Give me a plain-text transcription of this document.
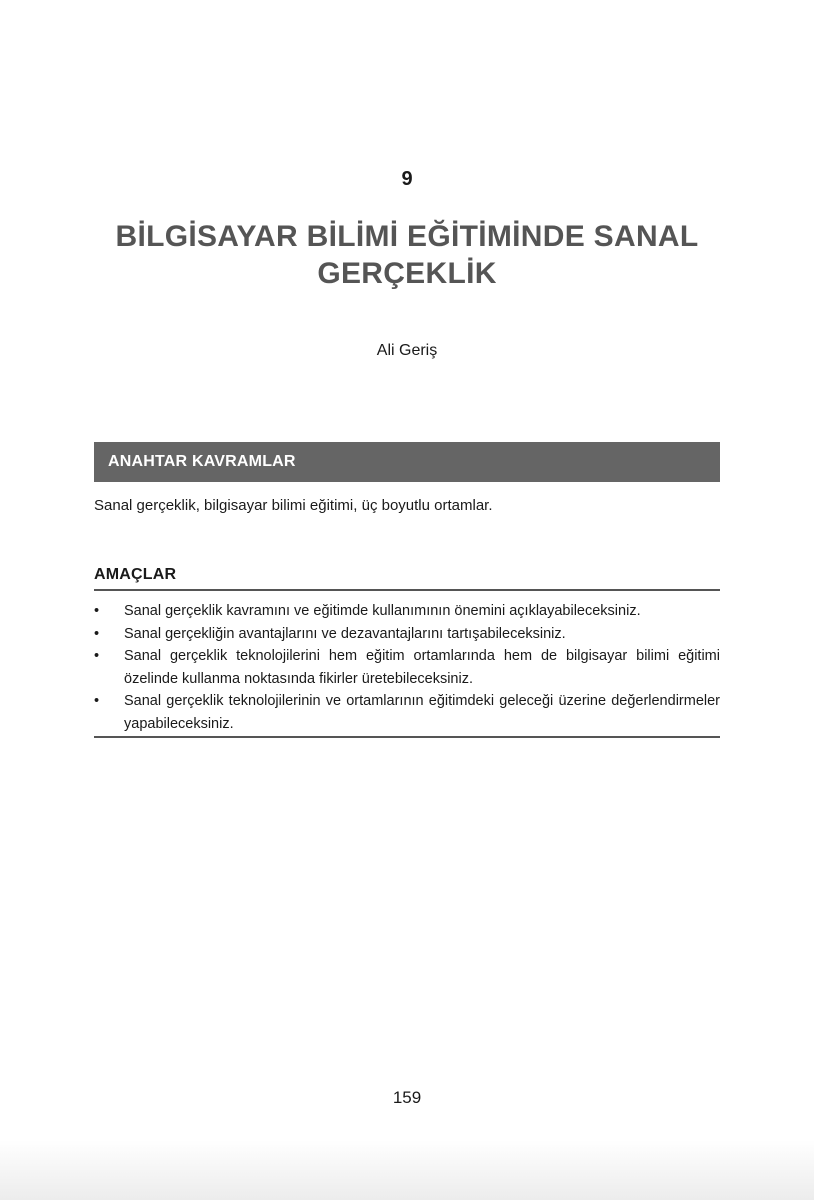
9
BİLGİSAYAR BİLİMİ EĞİTİMİNDE SANAL GERÇEKLİK
Ali Geriş
ANAHTAR KAVRAMLAR
Sanal gerçeklik, bilgisayar bilimi eğitimi, üç boyutlu ortamlar.
AMAÇLAR
• Sanal gerçeklik kavramını ve eğitimde kullanımının önemini açıklayabileceksiniz.
• Sanal gerçekliğin avantajlarını ve dezavantajlarını tartışabileceksiniz.
• Sanal gerçeklik teknolojilerini hem eğitim ortamlarında hem de bilgisayar bilimi eğitimi özelinde kullanma noktasında fikirler üretebileceksiniz.
• Sanal gerçeklik teknolojilerinin ve ortamlarının eğitimdeki geleceği üzerine değerlendirmeler yapabileceksiniz.
159
